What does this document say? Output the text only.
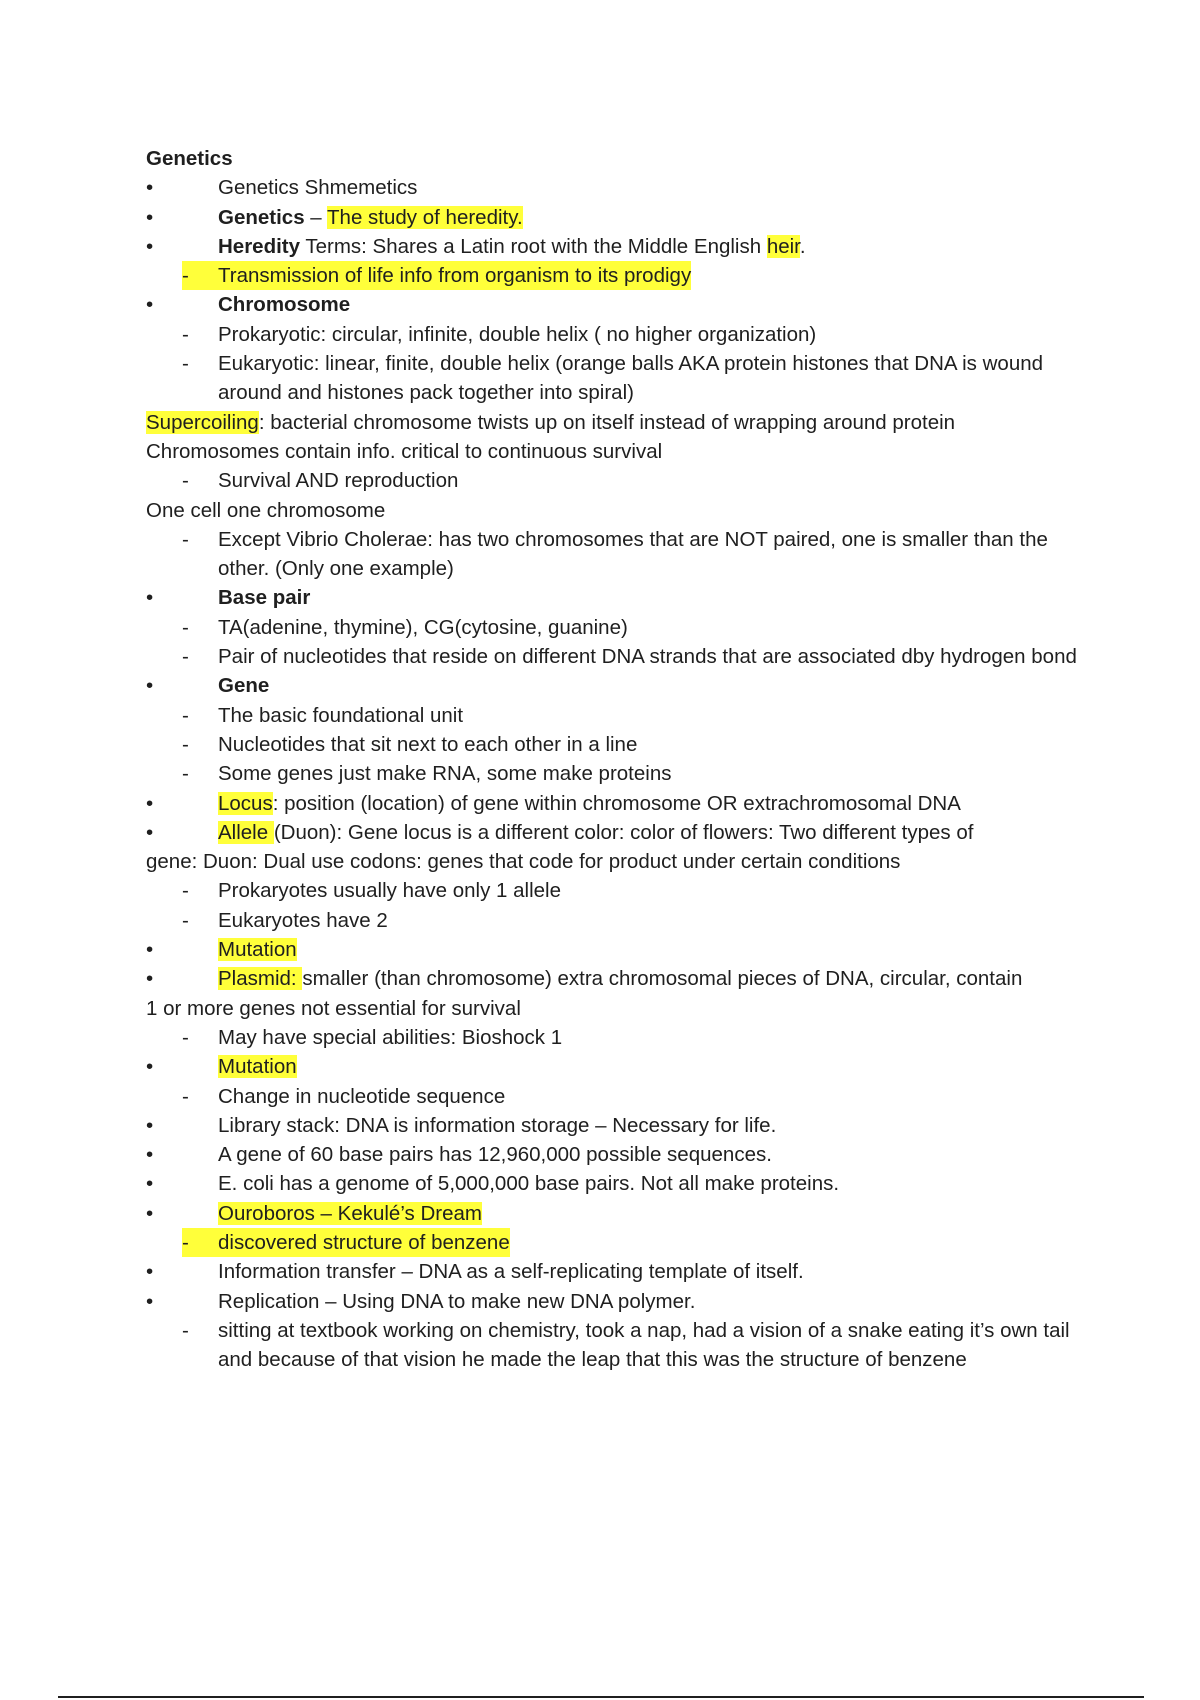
Genetics

•	Genetics Shmemetics

•	Genetics – The study of heredity.

•	Heredity Terms: Shares a Latin root with the Middle English heir.

- Transmission of life info from organism to its prodigy

•	Chromosome

- Prokaryotic: circular, infinite, double helix ( no higher organization)

- Eukaryotic: linear, finite, double helix (orange balls AKA protein histones that DNA is wound around and histones pack together into spiral)

Supercoiling: bacterial chromosome twists up on itself instead of wrapping around protein

Chromosomes contain info. critical to continuous survival

- Survival AND reproduction

One cell one chromosome

- Except Vibrio Cholerae: has two chromosomes that are NOT paired, one is smaller than the other. (Only one example)

•	Base pair

- TA(adenine, thymine), CG(cytosine, guanine)

- Pair of nucleotides that reside on different DNA strands that are associated dby hydrogen bond

•	Gene

- The basic foundational unit

- Nucleotides that sit next to each other in a line

- Some genes just make RNA, some make proteins

•	Locus: position (location) of gene within chromosome OR extrachromosomal DNA

•	Allele (Duon): Gene locus is a different color: color of flowers: Two different types of

gene: Duon: Dual use codons: genes that code for product under certain conditions

- Prokaryotes usually have only 1 allele

- Eukaryotes have 2

•	Mutation

•	Plasmid: smaller (than chromosome) extra chromosomal pieces of DNA, circular, contain

1 or more genes not essential for survival

- May have special abilities: Bioshock 1

•	Mutation

- Change in nucleotide sequence

•	Library stack: DNA is information storage – Necessary for life.

•	A gene of 60 base pairs has 12,960,000 possible sequences.

•	E. coli has a genome of 5,000,000 base pairs. Not all make proteins.

•	Ouroboros – Kekulé’s Dream

- discovered structure of benzene

•	Information transfer – DNA as a self-replicating template of itself.

•	Replication – Using DNA to make new DNA polymer.

- sitting at textbook working on chemistry, took a nap, had a vision of a snake eating it’s own tail and because of that vision he made the leap that this was the structure of benzene
